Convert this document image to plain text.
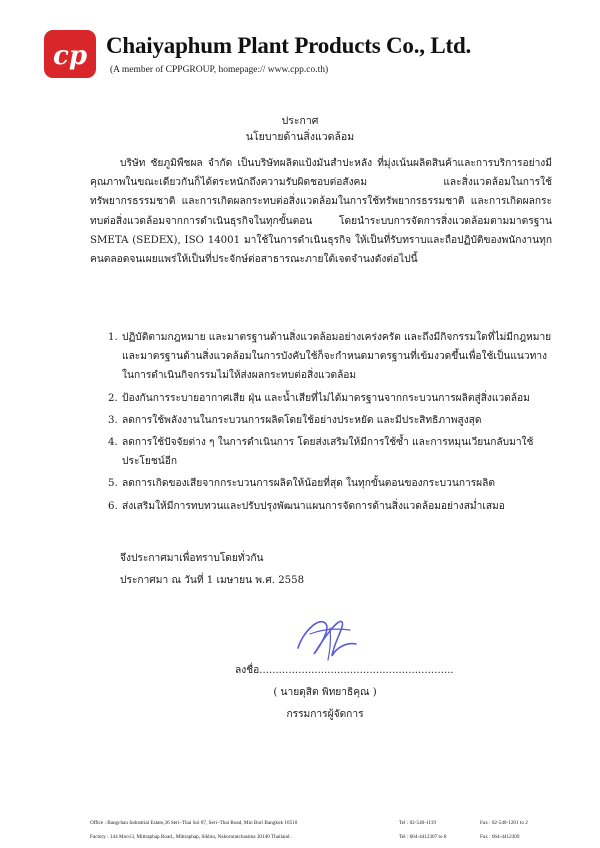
cp Chaiyaphum Plant Products Co., Ltd.
(A member of CPPGROUP, homepage:// www.cpp.co.th)
ประกาศ
นโยบายด้านสิ่งแวดล้อม

บริษัท ชัยภูมิพืชผล จำกัด เป็นบริษัทผลิตแป้งมันสำปะหลัง ที่มุ่งเน้นผลิตสินค้าและการบริการอย่างมีคุณภาพในขณะเดียวกันก็ได้ตระหนักถึงความรับผิดชอบต่อสังคม และสิ่งแวดล้อมในการใช้ทรัพยากรธรรมชาติ และการเกิดผลกระทบต่อสิ่งแวดล้อมในการใช้ทรัพยากรธรรมชาติ และการเกิดผลกระทบต่อสิ่งแวดล้อมจากการดำเนินธุรกิจในทุกขั้นตอน โดยนำระบบการจัดการสิ่งแวดล้อมตามมาตรฐาน SMETA (SEDEX), ISO 14001 มาใช้ในการดำเนินธุรกิจ ให้เป็นที่รับทราบและถือปฏิบัติของพนักงานทุกคนตลอดจนเผยแพร่ให้เป็นที่ประจักษ์ต่อสาธารณะภายใต้เจตจำนงดังต่อไปนี้

1. ปฏิบัติตามกฎหมาย และมาตรฐานด้านสิ่งแวดล้อมอย่างเคร่งครัด และถึงมีกิจกรรมใดที่ไม่มีกฎหมายและมาตรฐานด้านสิ่งแวดล้อมในการบังคับใช้ก็จะกำหนดมาตรฐานที่เข้มงวดขึ้นเพื่อใช้เป็นแนวทางในการดำเนินกิจกรรมไม่ให้ส่งผลกระทบต่อสิ่งแวดล้อม
2. ป้องกันการระบายอากาศเสีย ฝุ่น และน้ำเสียที่ไม่ได้มาตรฐานจากกระบวนการผลิตสู่สิ่งแวดล้อม
3. ลดการใช้พลังงานในกระบวนการผลิตโดยใช้อย่างประหยัด และมีประสิทธิภาพสูงสุด
4. ลดการใช้ปัจจัยต่าง ๆ ในการดำเนินการ โดยส่งเสริมให้มีการใช้ซ้ำ และการหมุนเวียนกลับมาใช้ประโยชน์อีก
5. ลดการเกิดของเสียจากกระบวนการผลิตให้น้อยที่สุด ในทุกขั้นตอนของกระบวนการผลิต
6. ส่งเสริมให้มีการทบทวนและปรับปรุงพัฒนาแผนการจัดการด้านสิ่งแวดล้อมอย่างสม่ำเสมอ
จึงประกาศมาเพื่อทราบโดยทั่วกัน
ประกาศมา ณ วันที่ 1 เมษายน พ.ศ. 2558
ลงชื่อ............................................................
( นายดุสิต พิทยาธิคุณ )
กรรมการผู้จัดการ
Office : Bangchan Industrial Estate,36 Seri–Thai Soi 87, Seri–Thai Road, Min Buri Bangkok 10510	Tel : 02-540-1119	Fax : 02-540-1201 to 2
Factory : 144 Moo13, Mittraphap Road., Mittraphap, Sikhiu, Nakornratchasima 30140 Thailand .	Tel : 664-4412307 to 8	Fax : 664-4412309
